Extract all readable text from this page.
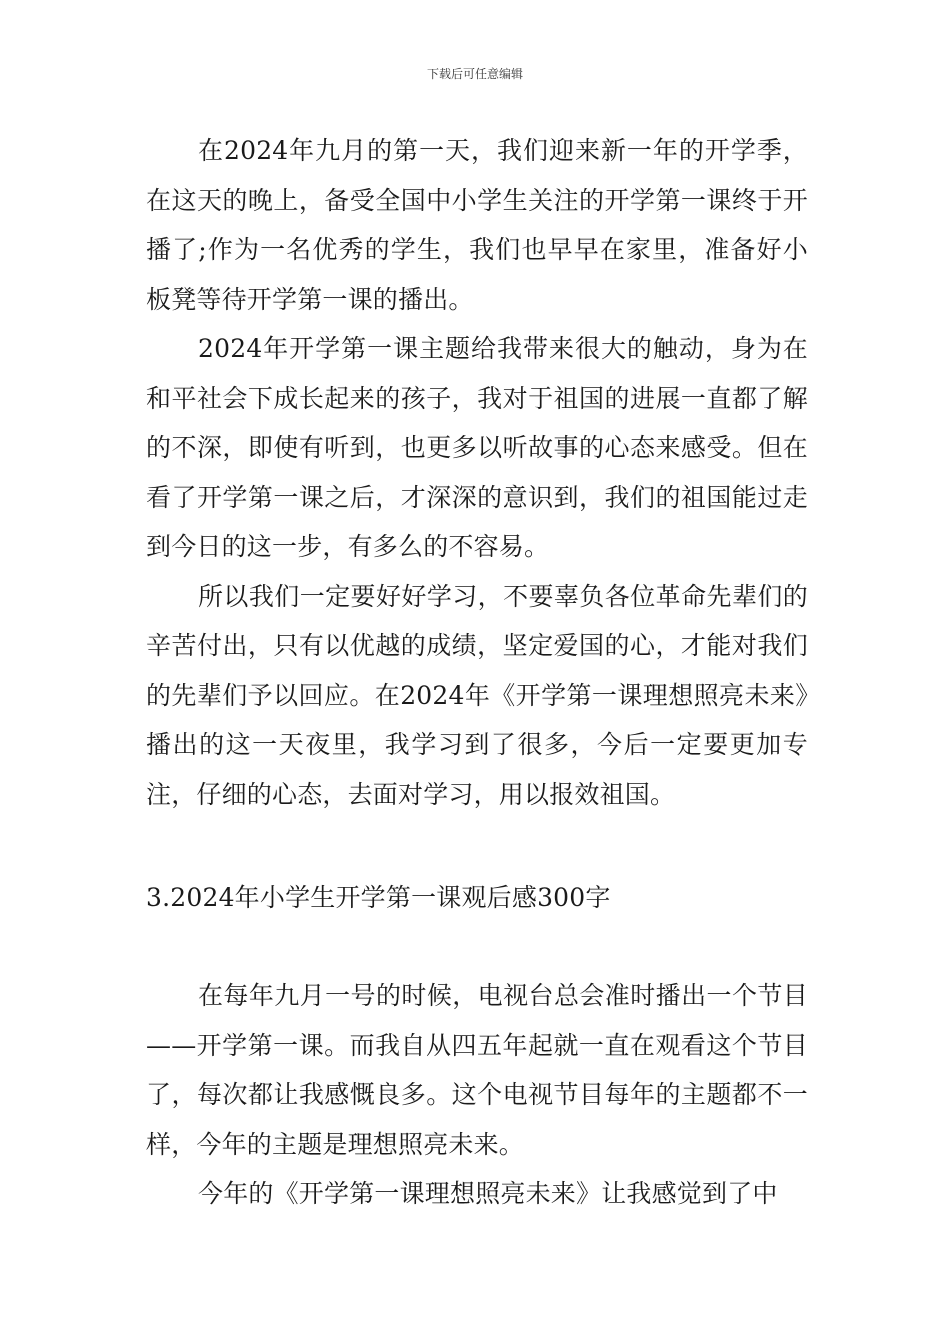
下载后可任意编辑

在2024年九月的第一天，我们迎来新一年的开学季，在这天的晚上，备受全国中小学生关注的开学第一课终于开播了;作为一名优秀的学生，我们也早早在家里，准备好小板凳等待开学第一课的播出。

2024年开学第一课主题给我带来很大的触动，身为在和平社会下成长起来的孩子，我对于祖国的进展一直都了解的不深，即使有听到，也更多以听故事的心态来感受。但在看了开学第一课之后，才深深的意识到，我们的祖国能过走到今日的这一步，有多么的不容易。

所以我们一定要好好学习，不要辜负各位革命先辈们的辛苦付出，只有以优越的成绩，坚定爱国的心，才能对我们的先辈们予以回应。在2024年《开学第一课理想照亮未来》播出的这一天夜里，我学习到了很多，今后一定要更加专注，仔细的心态，去面对学习，用以报效祖国。

3.2024年小学生开学第一课观后感300字

在每年九月一号的时候，电视台总会准时播出一个节目——开学第一课。而我自从四五年起就一直在观看这个节目了，每次都让我感慨良多。这个电视节目每年的主题都不一样，今年的主题是理想照亮未来。

今年的《开学第一课理想照亮未来》让我感觉到了中
